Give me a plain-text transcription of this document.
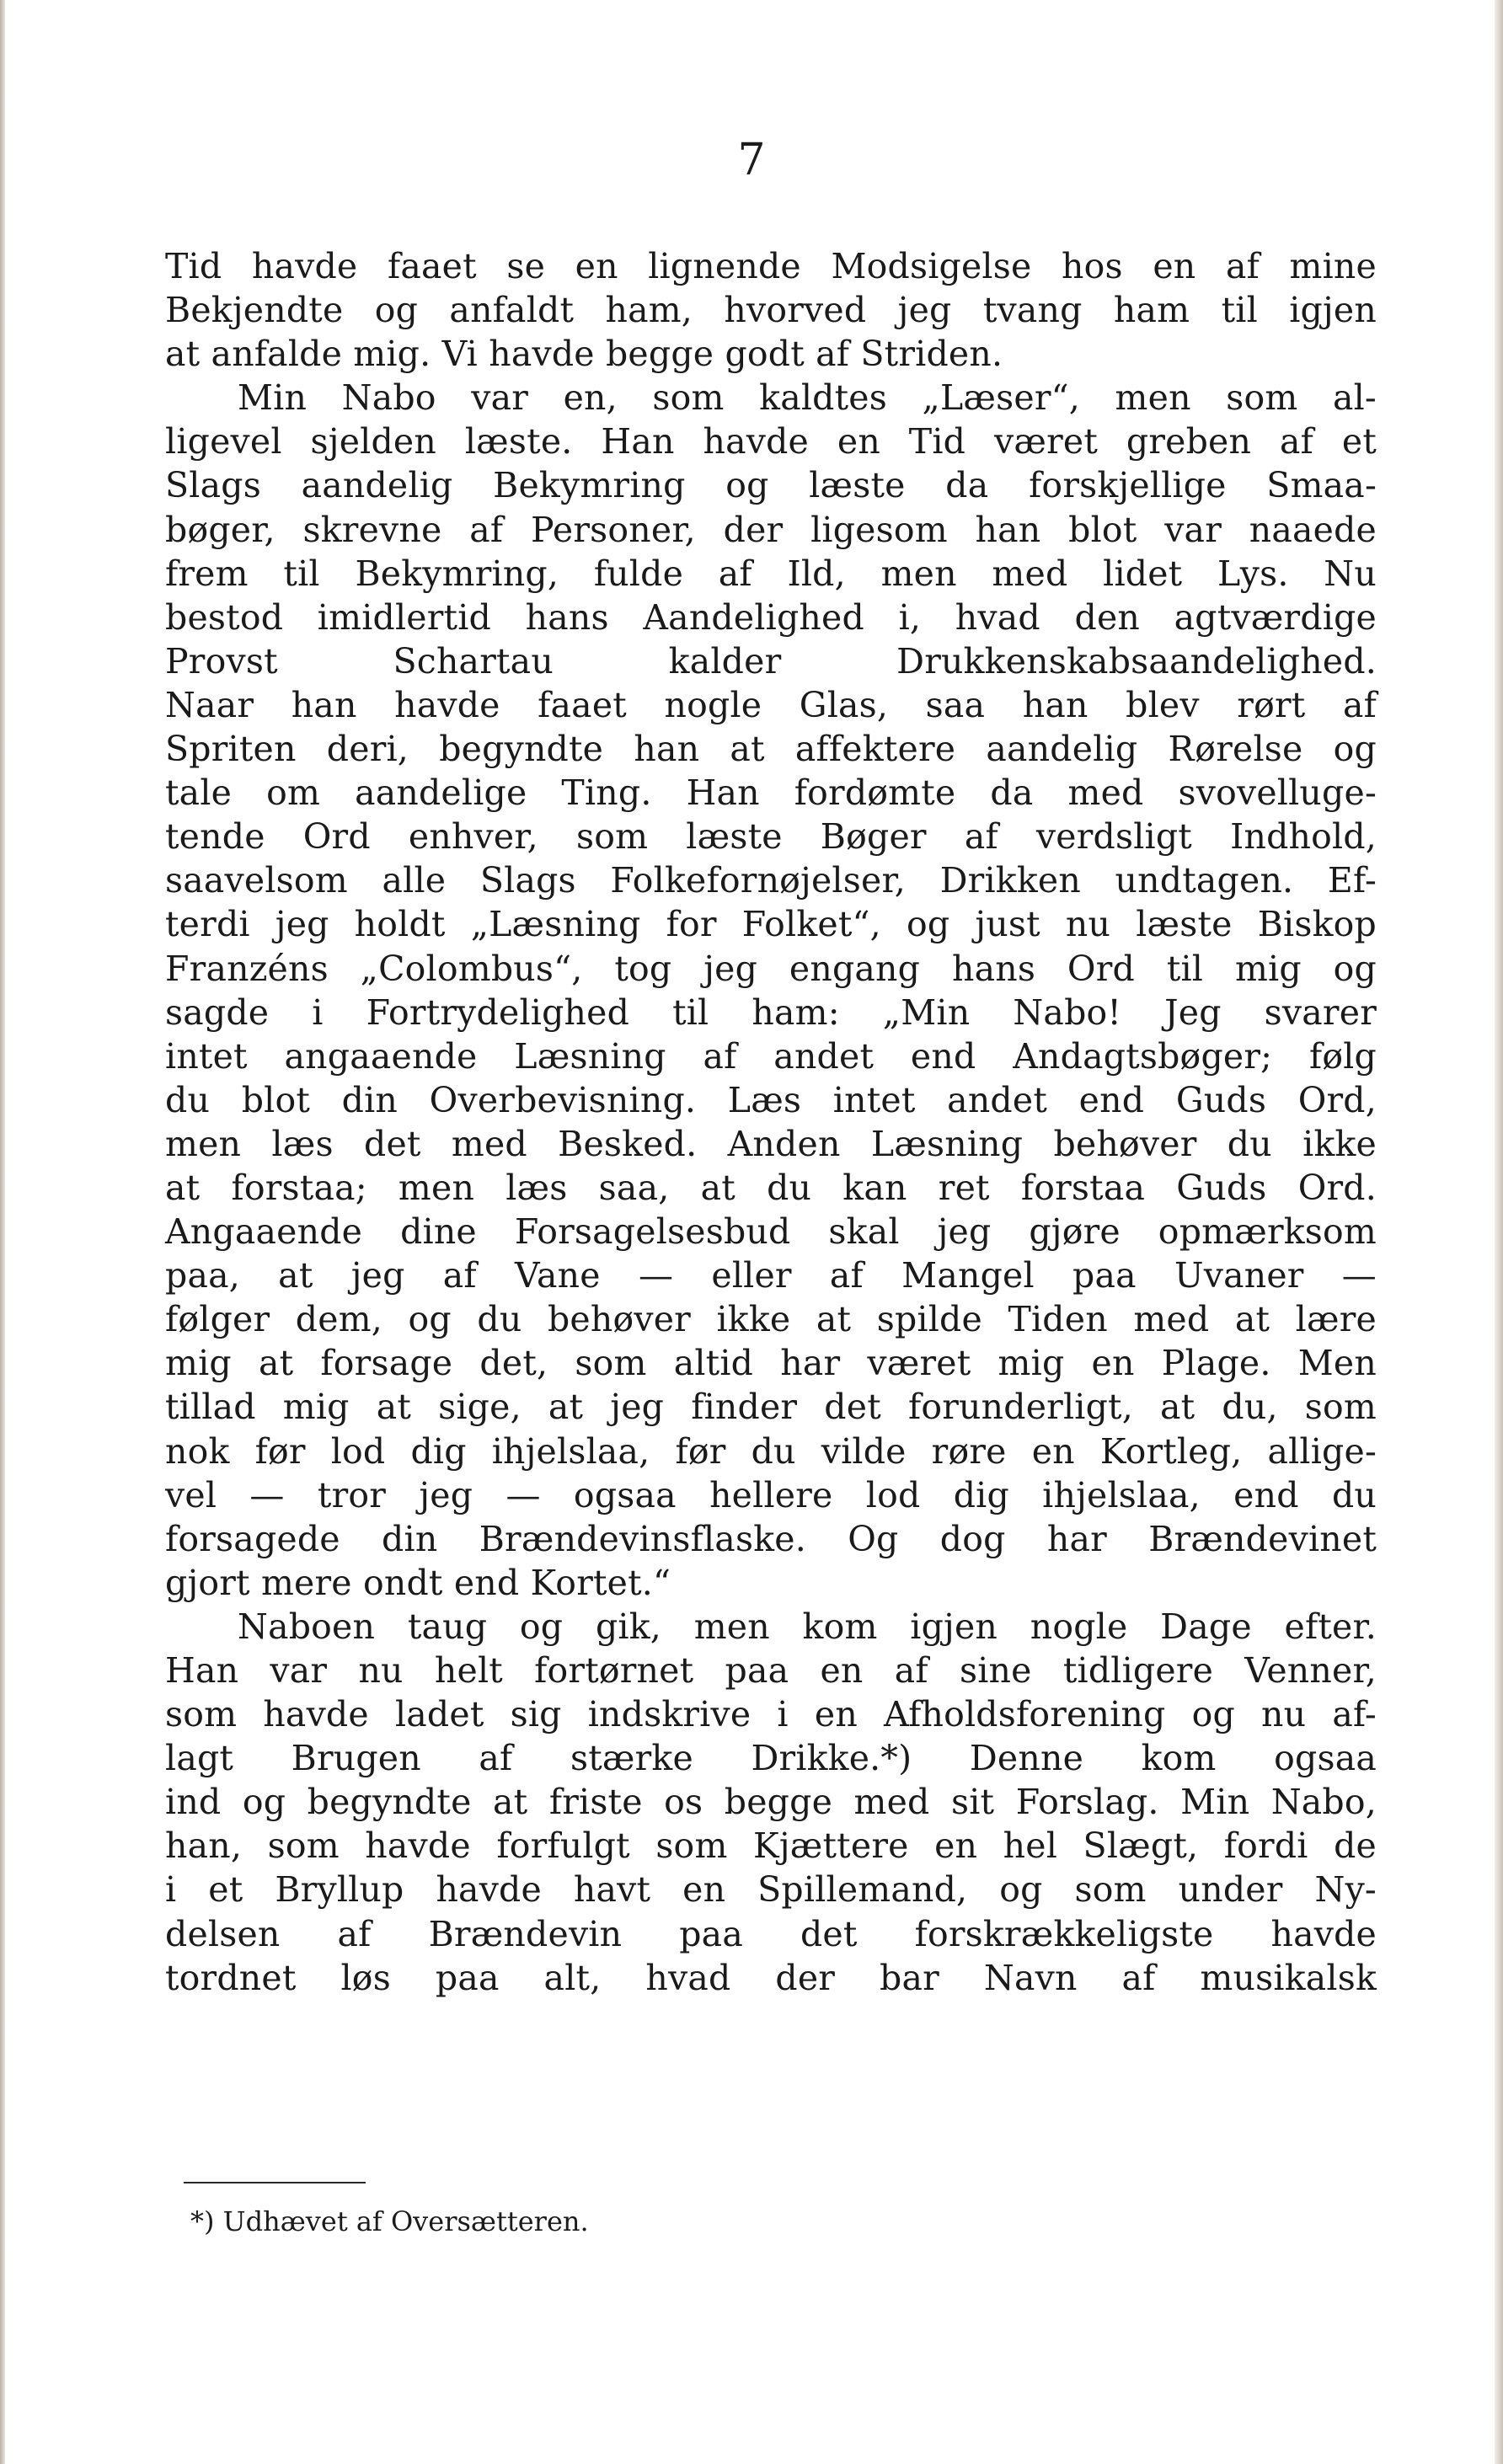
7
Tid havde faaet se en lignende Modsigelse hos en af mine
Bekjendte og anfaldt ham, hvorved jeg tvang ham til igjen
at anfalde mig. Vi havde begge godt af Striden.
Min Nabo var en, som kaldtes „Læser“, men som al-
ligevel sjelden læste. Han havde en Tid været greben af et
Slags aandelig Bekymring og læste da forskjellige Smaa-
bøger, skrevne af Personer, der ligesom han blot var naaede
frem til Bekymring, fulde af Ild, men med lidet Lys. Nu
bestod imidlertid hans Aandelighed i, hvad den agtværdige
Provst Schartau kalder Drukkenskabsaandelighed.
Naar han havde faaet nogle Glas, saa han blev rørt af
Spriten deri, begyndte han at affektere aandelig Rørelse og
tale om aandelige Ting. Han fordømte da med svovelluge-
tende Ord enhver, som læste Bøger af verdsligt Indhold,
saavelsom alle Slags Folkefornøjelser, Drikken undtagen. Ef-
terdi jeg holdt „Læsning for Folket“, og just nu læste Biskop
Franzéns „Colombus“, tog jeg engang hans Ord til mig og
sagde i Fortrydelighed til ham: „Min Nabo! Jeg svarer
intet angaaende Læsning af andet end Andagtsbøger; følg
du blot din Overbevisning. Læs intet andet end Guds Ord,
men læs det med Besked. Anden Læsning behøver du ikke
at forstaa; men læs saa, at du kan ret forstaa Guds Ord.
Angaaende dine Forsagelsesbud skal jeg gjøre opmærksom
paa, at jeg af Vane — eller af Mangel paa Uvaner —
følger dem, og du behøver ikke at spilde Tiden med at lære
mig at forsage det, som altid har været mig en Plage. Men
tillad mig at sige, at jeg finder det forunderligt, at du, som
nok før lod dig ihjelslaa, før du vilde røre en Kortleg, allige-
vel — tror jeg — ogsaa hellere lod dig ihjelslaa, end du
forsagede din Brændevinsflaske. Og dog har Brændevinet
gjort mere ondt end Kortet.“
Naboen taug og gik, men kom igjen nogle Dage efter.
Han var nu helt fortørnet paa en af sine tidligere Venner,
som havde ladet sig indskrive i en Afholdsforening og nu af-
lagt Brugen af stærke Drikke.*) Denne kom ogsaa
ind og begyndte at friste os begge med sit Forslag. Min Nabo,
han, som havde forfulgt som Kjættere en hel Slægt, fordi de
i et Bryllup havde havt en Spillemand, og som under Ny-
delsen af Brændevin paa det forskrækkeligste havde
tordnet løs paa alt, hvad der bar Navn af musikalsk
*) Udhævet af Oversætteren.
